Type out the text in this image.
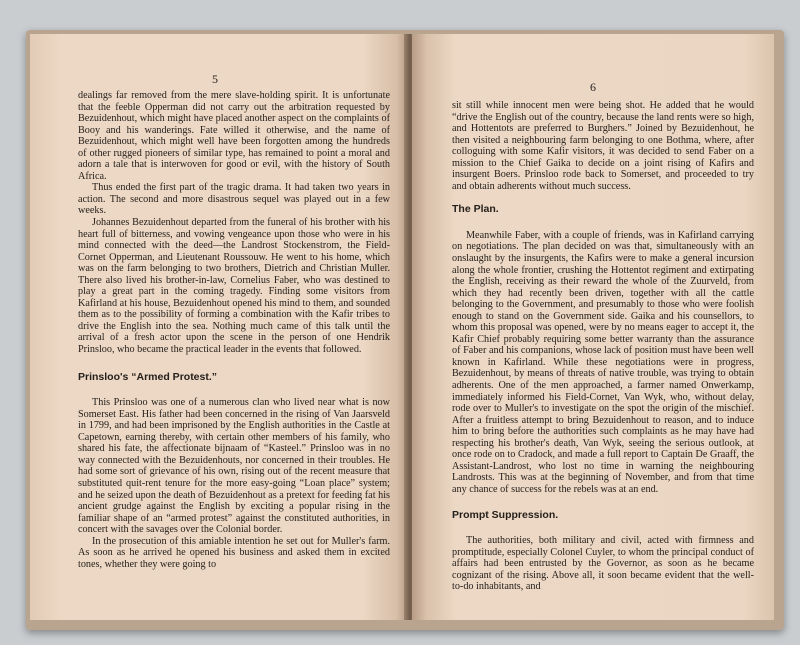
5

dealings far removed from the mere slave-holding spirit. It is unfortunate that the feeble Opperman did not carry out the arbitration requested by Bezuidenhout, which might have placed another aspect on the complaints of Booy and his wanderings. Fate willed it otherwise, and the name of Bezuidenhout, which might well have been forgotten among the hundreds of other rugged pioneers of similar type, has remained to point a moral and adorn a tale that is interwoven for good or evil, with the history of South Africa.

Thus ended the first part of the tragic drama. It had taken two years in action. The second and more disastrous sequel was played out in a few weeks.

Johannes Bezuidenhout departed from the funeral of his brother with his heart full of bitterness, and vowing vengeance upon those who were in his mind connected with the deed—the Landrost Stockenstrom, the Field-Cornet Opperman, and Lieutenant Roussouw. He went to his home, which was on the farm belonging to two brothers, Dietrich and Christian Muller. There also lived his brother-in-law, Cornelius Faber, who was destined to play a great part in the coming tragedy. Finding some visitors from Kafirland at his house, Bezuidenhout opened his mind to them, and sounded them as to the possibility of forming a combination with the Kafir tribes to drive the English into the sea. Nothing much came of this talk until the arrival of a fresh actor upon the scene in the person of one Hendrik Prinsloo, who became the practical leader in the events that followed.

Prinsloo's “Armed Protest.”

This Prinsloo was one of a numerous clan who lived near what is now Somerset East. His father had been concerned in the rising of Van Jaarsveld in 1799, and had been imprisoned by the English authorities in the Castle at Capetown, earning thereby, with certain other members of his family, who shared his fate, the affectionate bijnaam of “Kasteel.” Prinsloo was in no way connected with the Bezuidenhouts, nor concerned in their troubles. He had some sort of grievance of his own, rising out of the recent measure that substituted quit-rent tenure for the more easy-going “Loan place” system; and he seized upon the death of Bezuidenhout as a pretext for feeding fat his ancient grudge against the English by exciting a popular rising in the familiar shape of an “armed protest” against the constituted authorities, in concert with the savages over the Colonial border.

In the prosecution of this amiable intention he set out for Muller's farm. As soon as he arrived he opened his business and asked them in excited tones, whether they were going to

6

sit still while innocent men were being shot. He added that he would “drive the English out of the country, because the land rents were so high, and Hottentots are preferred to Burghers.” Joined by Bezuidenhout, he then visited a neighbouring farm belonging to one Bothma, where, after colloguing with some Kafir visitors, it was decided to send Faber on a mission to the Chief Gaika to decide on a joint rising of Kafirs and insurgent Boers. Prinsloo rode back to Somerset, and proceeded to try and obtain adherents without much success.

The Plan.

Meanwhile Faber, with a couple of friends, was in Kafirland carrying on negotiations. The plan decided on was that, simultaneously with an onslaught by the insurgents, the Kafirs were to make a general incursion along the whole frontier, crushing the Hottentot regiment and extirpating the English, receiving as their reward the whole of the Zuurveld, from which they had recently been driven, together with all the cattle belonging to the Government, and presumably to those who were foolish enough to stand on the Government side. Gaika and his counsellors, to whom this proposal was opened, were by no means eager to accept it, the Kafir Chief probably requiring some better warranty than the assurance of Faber and his companions, whose lack of position must have been well known in Kafirland. While these negotiations were in progress, Bezuidenhout, by means of threats of native trouble, was trying to obtain adherents. One of the men approached, a farmer named Onwerkamp, immediately informed his Field-Cornet, Van Wyk, who, without delay, rode over to Muller's to investigate on the spot the origin of the mischief. After a fruitless attempt to bring Bezuidenhout to reason, and to induce him to bring before the authorities such complaints as he may have had respecting his brother's death, Van Wyk, seeing the serious outlook, at once rode on to Cradock, and made a full report to Captain De Graaff, the Assistant-Landrost, who lost no time in warning the neighbouring Landrosts. This was at the beginning of November, and from that time any chance of success for the rebels was at an end.

Prompt Suppression.

The authorities, both military and civil, acted with firmness and promptitude, especially Colonel Cuyler, to whom the principal conduct of affairs had been entrusted by the Governor, as soon as he became cognizant of the rising. Above all, it soon became evident that the well-to-do inhabitants, and
